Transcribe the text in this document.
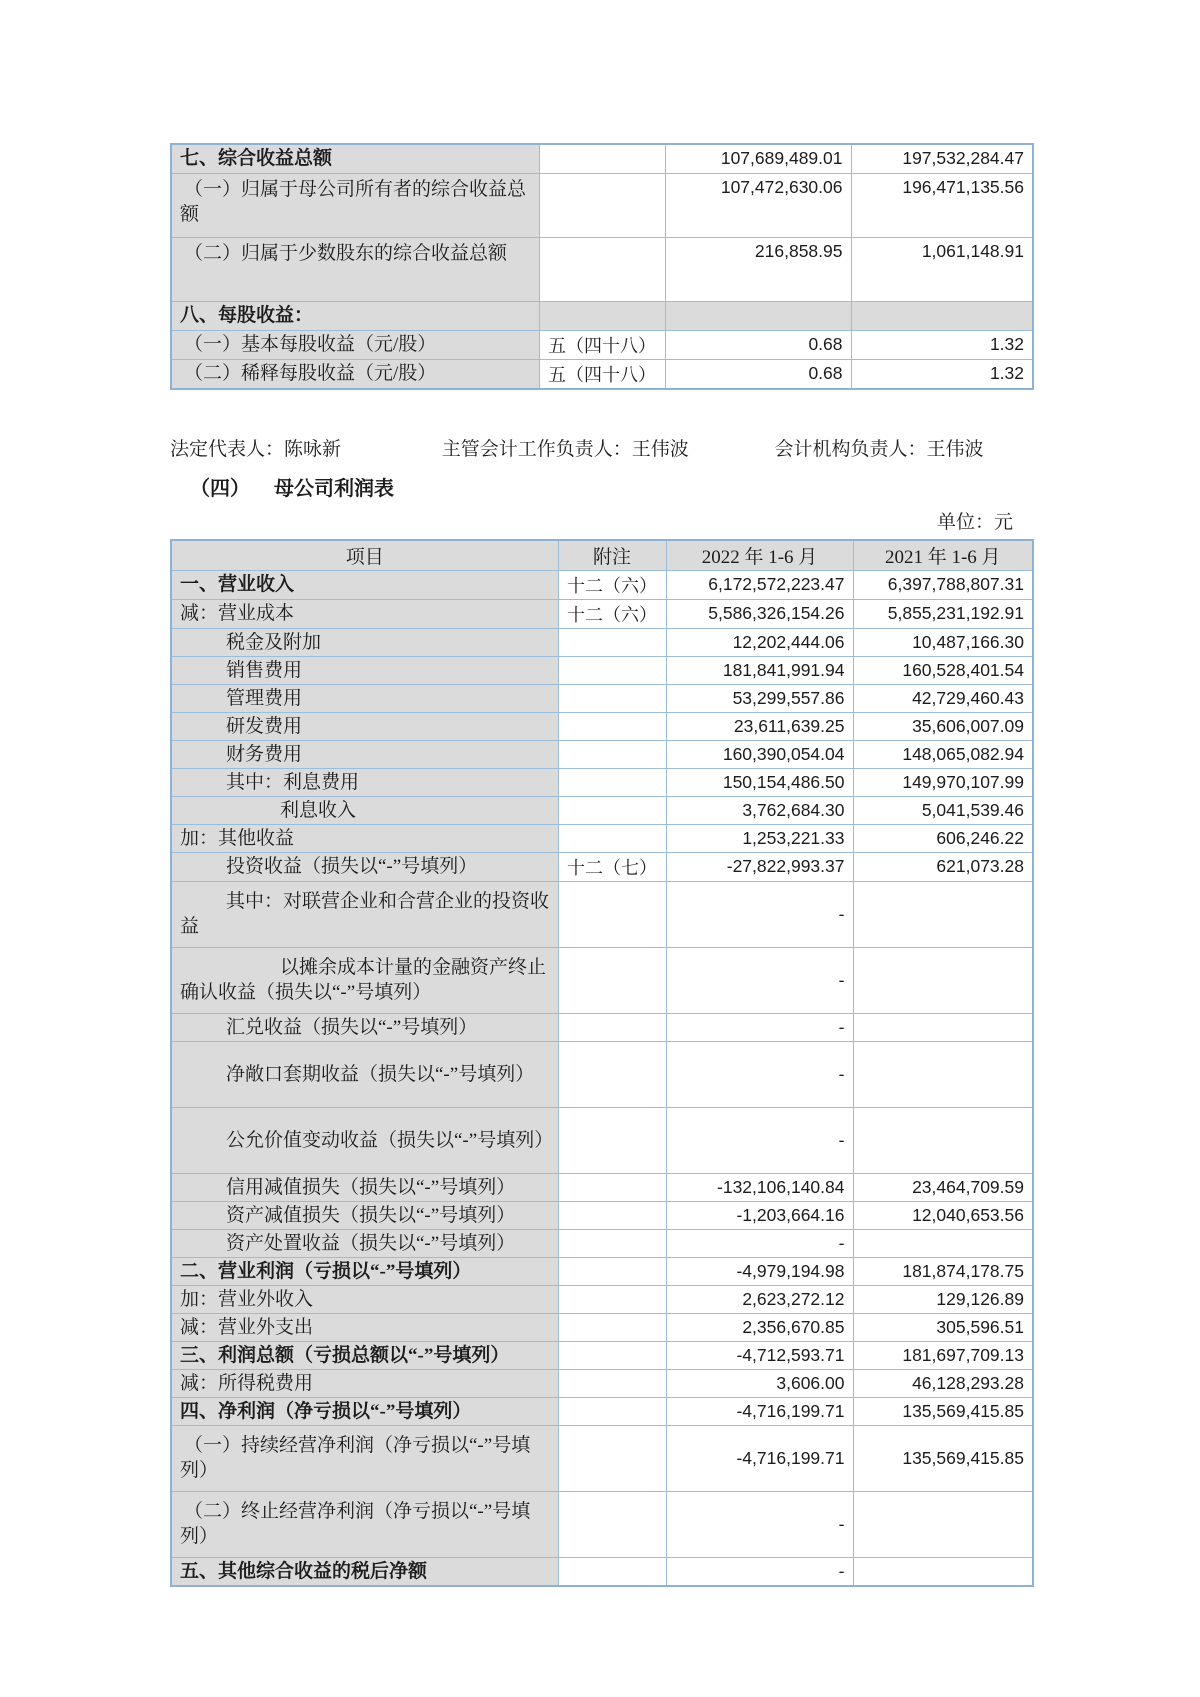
七、综合收益总额		107,689,489.01	197,532,284.47
（一）归属于母公司所有者的综合收益总额		107,472,630.06	196,471,135.56
（二）归属于少数股东的综合收益总额		216,858.95	1,061,148.91
八、每股收益：			
（一）基本每股收益（元/股）	五（四十八）	0.68	1.32
（二）稀释每股收益（元/股）	五（四十八）	0.68	1.32
法定代表人：陈咏新	主管会计工作负责人：王伟波	会计机构负责人：王伟波
（四） 母公司利润表
单位：元
项目	附注	2022 年 1-6 月	2021 年 1-6 月
一、营业收入	十二（六）	6,172,572,223.47	6,397,788,807.31
减：营业成本	十二（六）	5,586,326,154.26	5,855,231,192.91
税金及附加		12,202,444.06	10,487,166.30
销售费用		181,841,991.94	160,528,401.54
管理费用		53,299,557.86	42,729,460.43
研发费用		23,611,639.25	35,606,007.09
财务费用		160,390,054.04	148,065,082.94
其中：利息费用		150,154,486.50	149,970,107.99
利息收入		3,762,684.30	5,041,539.46
加：其他收益		1,253,221.33	606,246.22
投资收益（损失以“-”号填列）	十二（七）	-27,822,993.37	621,073.28
其中：对联营企业和合营企业的投资收益		-	
以摊余成本计量的金融资产终止确认收益（损失以“-”号填列）		-	
汇兑收益（损失以“-”号填列）		-	
净敞口套期收益（损失以“-”号填列）		-	
公允价值变动收益（损失以“-”号填列）		-	
信用减值损失（损失以“-”号填列）		-132,106,140.84	23,464,709.59
资产减值损失（损失以“-”号填列）		-1,203,664.16	12,040,653.56
资产处置收益（损失以“-”号填列）		-	
二、营业利润（亏损以“-”号填列）		-4,979,194.98	181,874,178.75
加：营业外收入		2,623,272.12	129,126.89
减：营业外支出		2,356,670.85	305,596.51
三、利润总额（亏损总额以“-”号填列）		-4,712,593.71	181,697,709.13
减：所得税费用		3,606.00	46,128,293.28
四、净利润（净亏损以“-”号填列）		-4,716,199.71	135,569,415.85
（一）持续经营净利润（净亏损以“-”号填列）		-4,716,199.71	135,569,415.85
（二）终止经营净利润（净亏损以“-”号填列）		-	
五、其他综合收益的税后净额		-	
